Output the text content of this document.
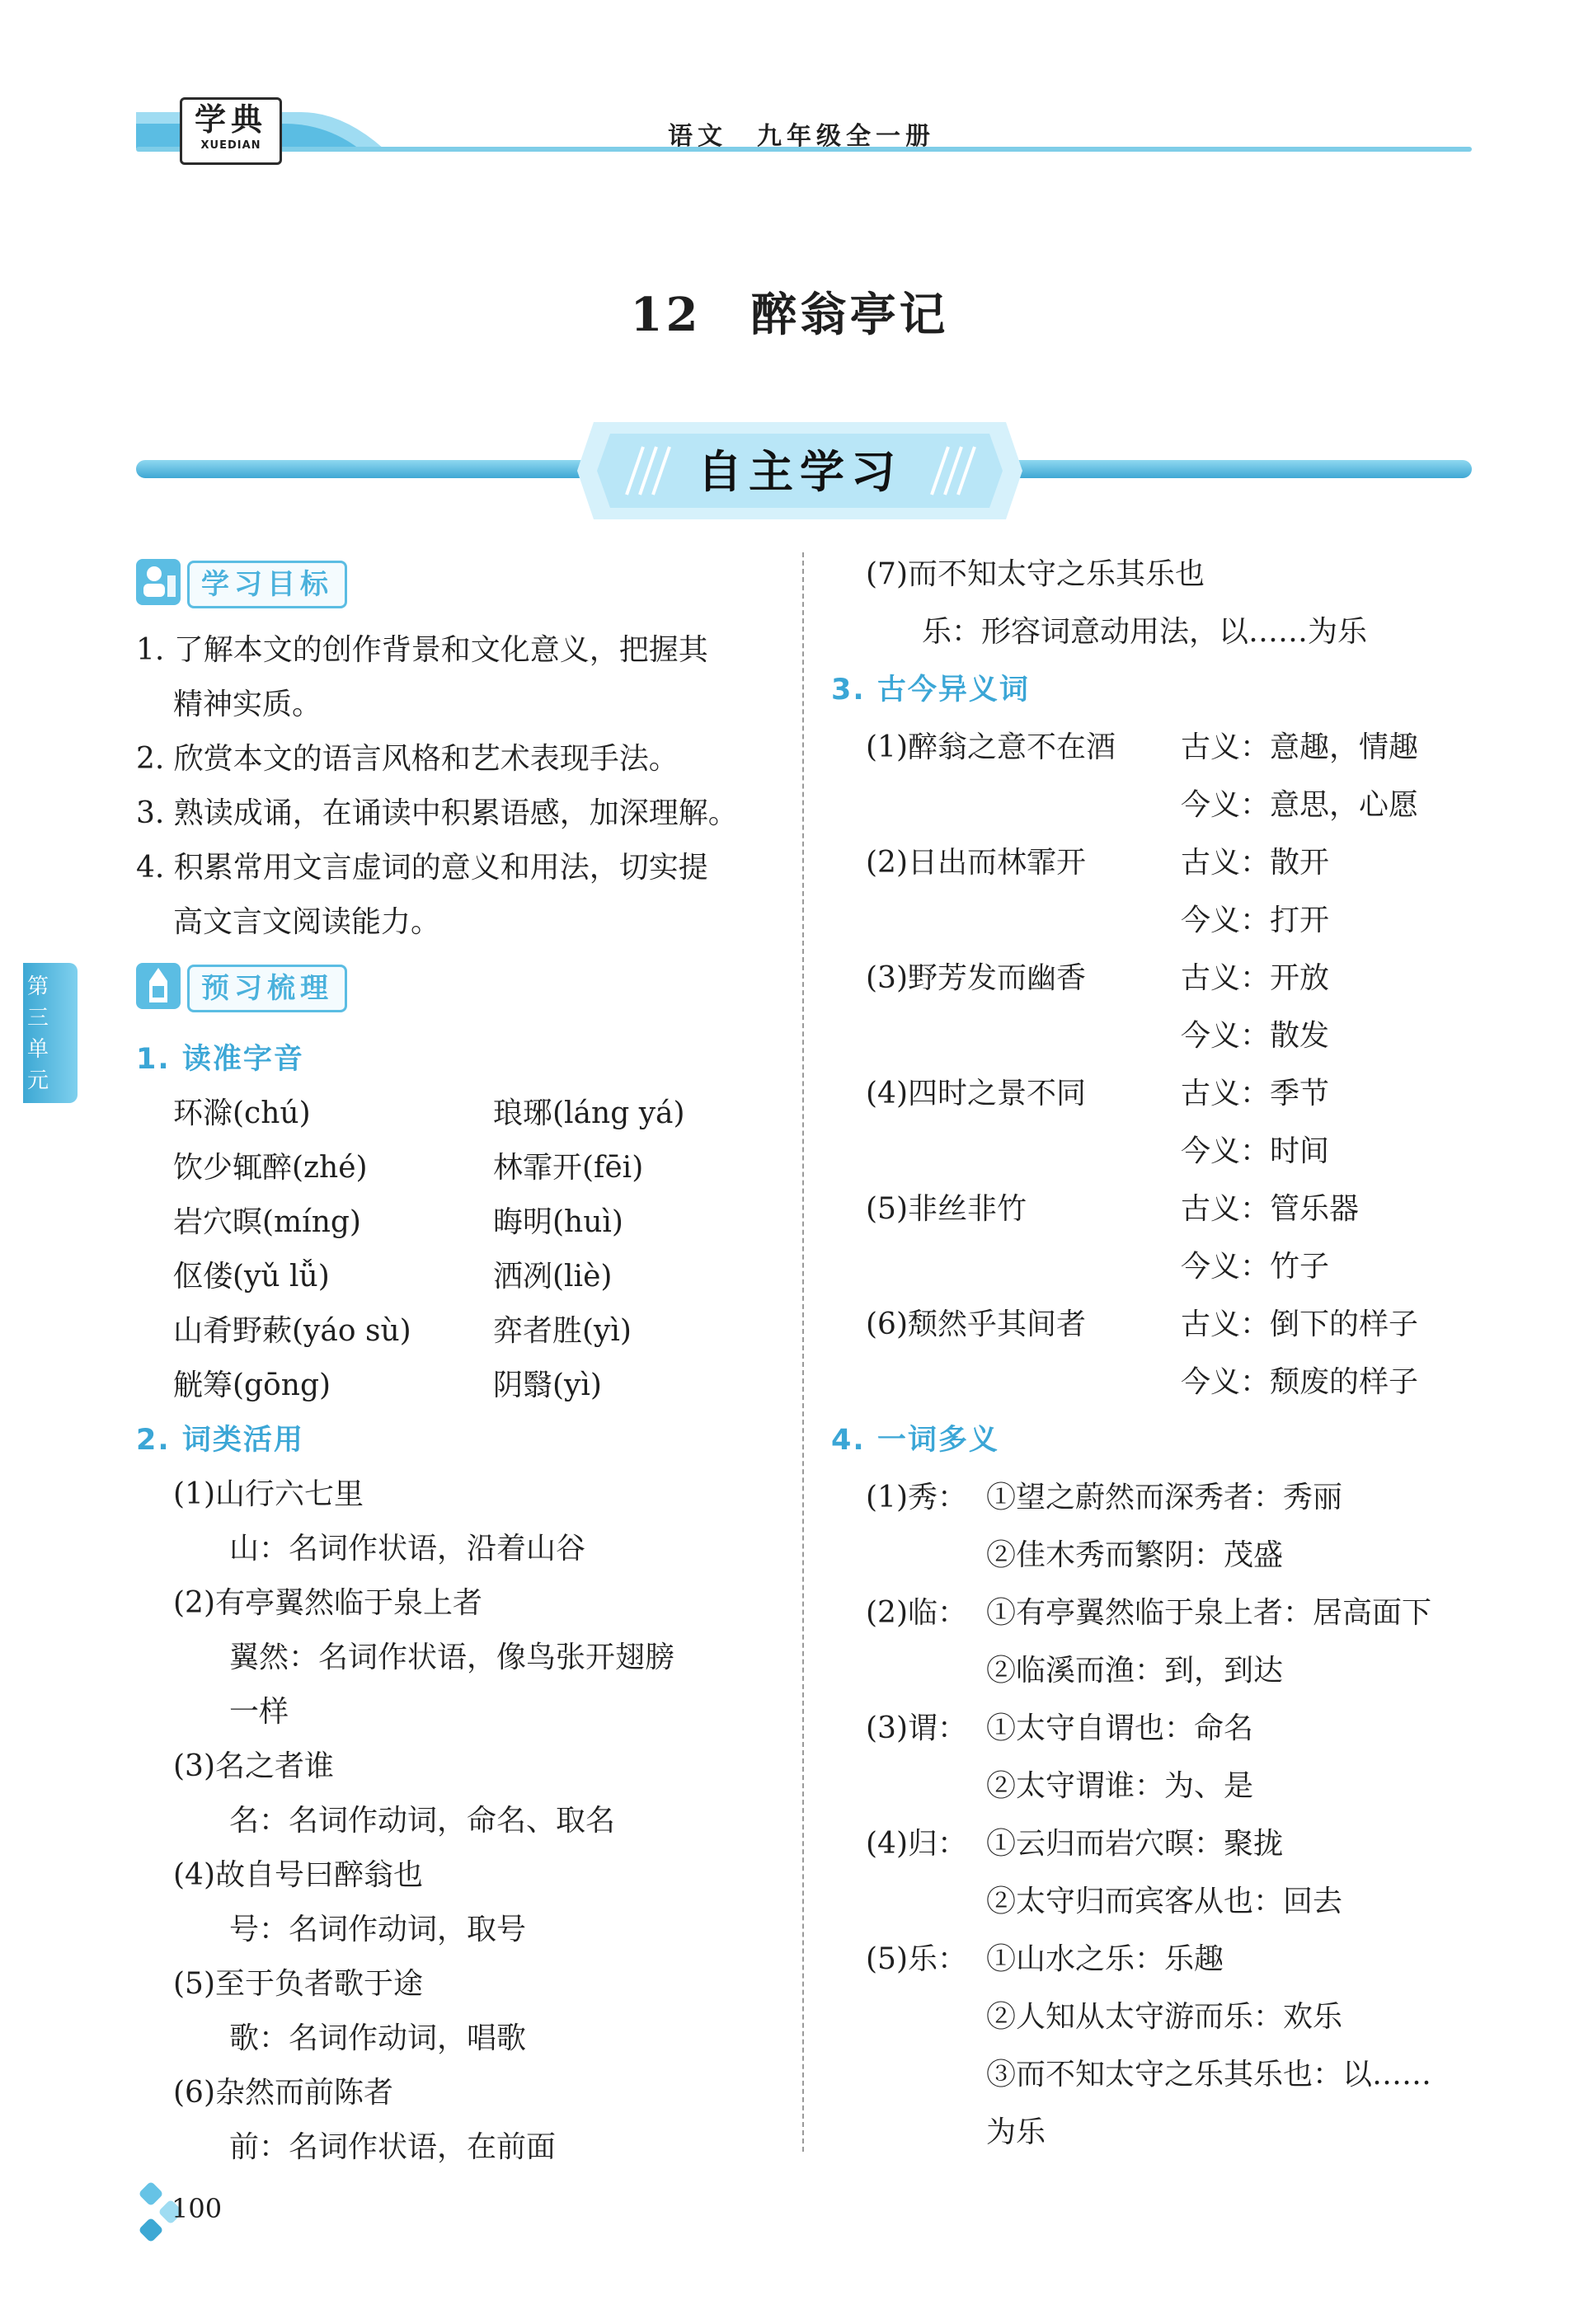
学典
XUEDIAN	语文　九年级全一册
12　醉翁亭记
自主学习
第三单元
学习目标
1. 了解本文的创作背景和文化意义，把握其
精神实质。
2. 欣赏本文的语言风格和艺术表现手法。
3. 熟读成诵，在诵读中积累语感，加深理解。
4. 积累常用文言虚词的意义和用法，切实提
高文言文阅读能力。
预习梳理
1. 读准字音
环滁(chú)	琅琊(láng yá)
饮少辄醉(zhé)	林霏开(fēi)
岩穴暝(míng)	晦明(huì)
伛偻(yǔ lǚ)	洒冽(liè)
山肴野蔌(yáo sù)	弈者胜(yì)
觥筹(gōng)	阴翳(yì)
2. 词类活用
(1)山行六七里
山：名词作状语，沿着山谷
(2)有亭翼然临于泉上者
翼然：名词作状语，像鸟张开翅膀
一样
(3)名之者谁
名：名词作动词，命名、取名
(4)故自号曰醉翁也
号：名词作动词，取号
(5)至于负者歌于途
歌：名词作动词，唱歌
(6)杂然而前陈者
前：名词作状语，在前面
(7)而不知太守之乐其乐也
乐：形容词意动用法，以……为乐
3. 古今异义词
(1)醉翁之意不在酒 古义：意趣，情趣
今义：意思，心愿
(2)日出而林霏开	古义：散开
今义：打开
(3)野芳发而幽香	古义：开放
今义：散发
(4)四时之景不同	古义：季节
今义：时间
(5)非丝非竹	古义：管乐器
今义：竹子
(6)颓然乎其间者	古义：倒下的样子
今义：颓废的样子
4. 一词多义
(1)秀： ①望之蔚然而深秀者：秀丽
②佳木秀而繁阴：茂盛
(2)临： ①有亭翼然临于泉上者：居高面下
②临溪而渔：到，到达
(3)谓： ①太守自谓也：命名
②太守谓谁：为、是
(4)归： ①云归而岩穴暝：聚拢
②太守归而宾客从也：回去
(5)乐： ①山水之乐：乐趣
②人知从太守游而乐：欢乐
③而不知太守之乐其乐也：以……
为乐
100
